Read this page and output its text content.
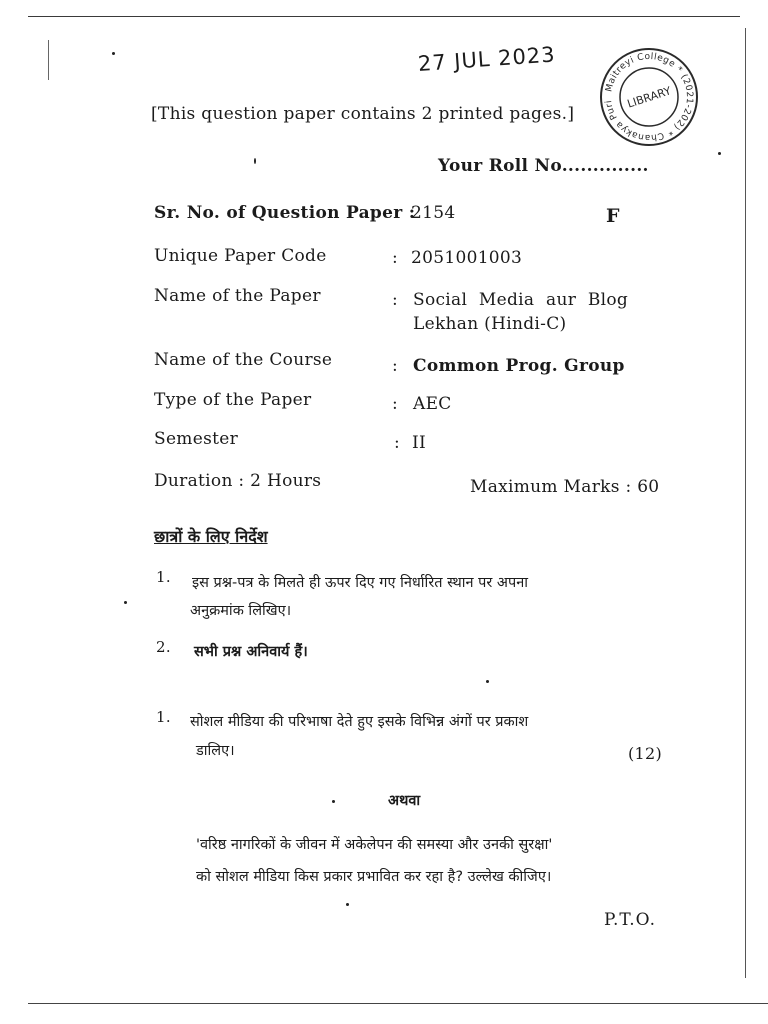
27 JUL 2023
Maitreyi College * (2021-202) * Chanakya Puri	LIBRARY
[This question paper contains 2 printed pages.]
Your Roll No..............
Sr. No. of Question Paper :
2154	F
Unique Paper Code	: 2051001003
Name of the Paper	: Social Media aur Blog
Lekhan (Hindi-C)
Name of the Course	: Common Prog. Group
Type of the Paper	: AEC
Semester	: II
Duration : 2 Hours	Maximum Marks : 60
छात्रों के लिए निर्देश
1. इस प्रश्न-पत्र के मिलते ही ऊपर दिए गए निर्धारित स्थान पर अपना
अनुक्रमांक लिखिए।
2. सभी प्रश्न अनिवार्य हैं।
1. सोशल मीडिया की परिभाषा देते हुए इसके विभिन्न अंगों पर प्रकाश
डालिए।	(12)
अथवा
'वरिष्ठ नागरिकों के जीवन में अकेलेपन की समस्या और उनकी सुरक्षा'
को सोशल मीडिया किस प्रकार प्रभावित कर रहा है? उल्लेख कीजिए।
P.T.O.
